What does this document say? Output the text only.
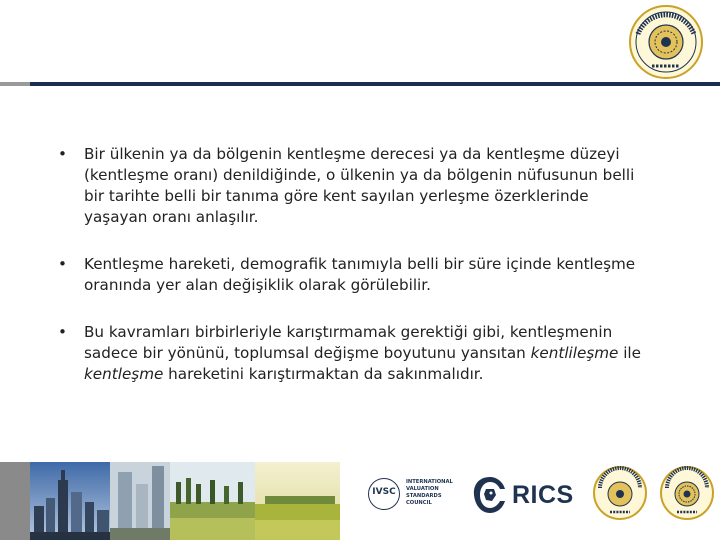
• Bir ülkenin ya da bölgenin kentleşme derecesi ya da kentleşme düzeyi (kentleşme oranı) denildiğinde, o ülkenin ya da bölgenin nüfusunun belli bir tarihte belli bir tanıma göre kent sayılan yerleşme özerklerinde yaşayan oranı anlaşılır.
• Kentleşme hareketi, demografik tanımıyla belli bir süre içinde kentleşme oranında yer alan değişiklik olarak görülebilir.
• Bu kavramları birbirleriyle karıştırmamak gerektiği gibi, kentleşmenin sadece bir yönünü, toplumsal değişme boyutunu yansıtan kentlileşme ile kentleşme hareketini karıştırmaktan da sakınmalıdır.
IVSC
INTERNATIONAL
VALUATION
STANDARDS
COUNCIL	RICS
